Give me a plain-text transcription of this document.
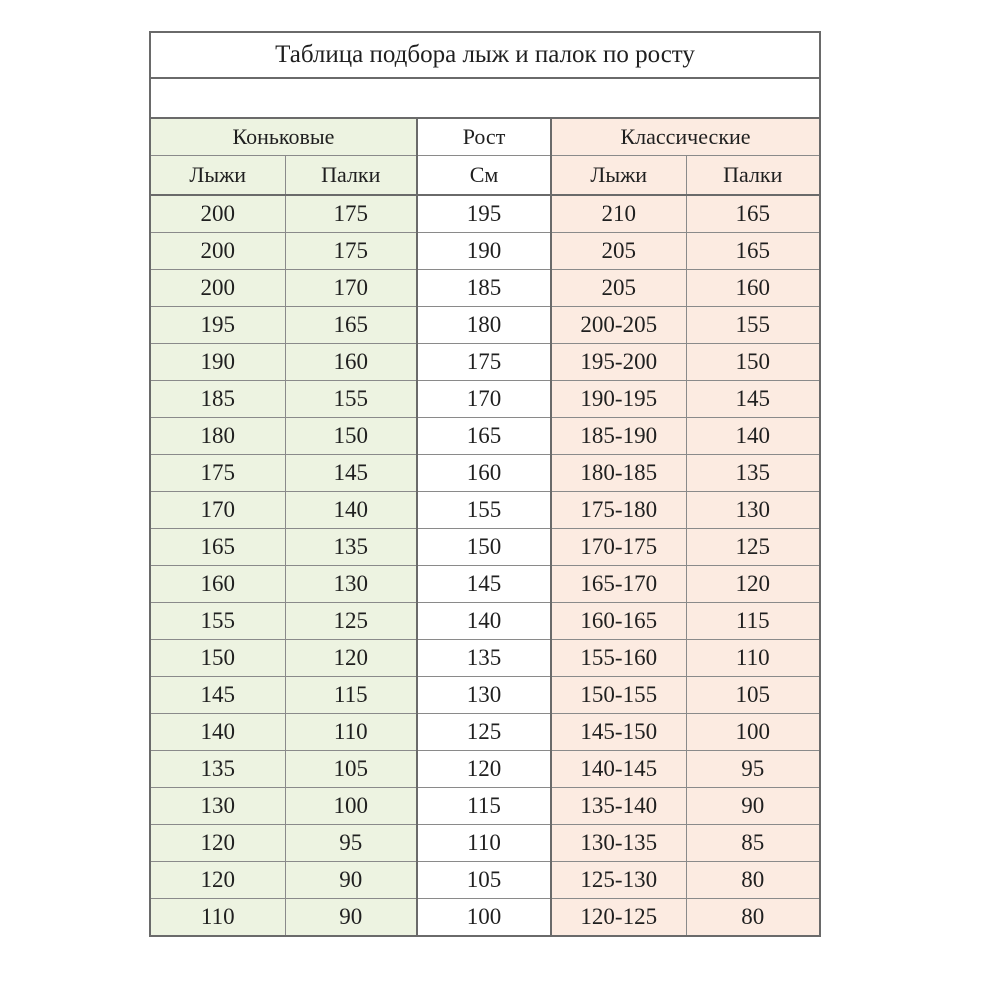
Таблица подбора лыж и палок по росту				

Коньковые		Рост	Классические	
Лыжи	Палки	См	Лыжи	Палки
200	175	195	210	165
200	175	190	205	165
200	170	185	205	160
195	165	180	200-205	155
190	160	175	195-200	150
185	155	170	190-195	145
180	150	165	185-190	140
175	145	160	180-185	135
170	140	155	175-180	130
165	135	150	170-175	125
160	130	145	165-170	120
155	125	140	160-165	115
150	120	135	155-160	110
145	115	130	150-155	105
140	110	125	145-150	100
135	105	120	140-145	95
130	100	115	135-140	90
120	95	110	130-135	85
120	90	105	125-130	80
110	90	100	120-125	80
